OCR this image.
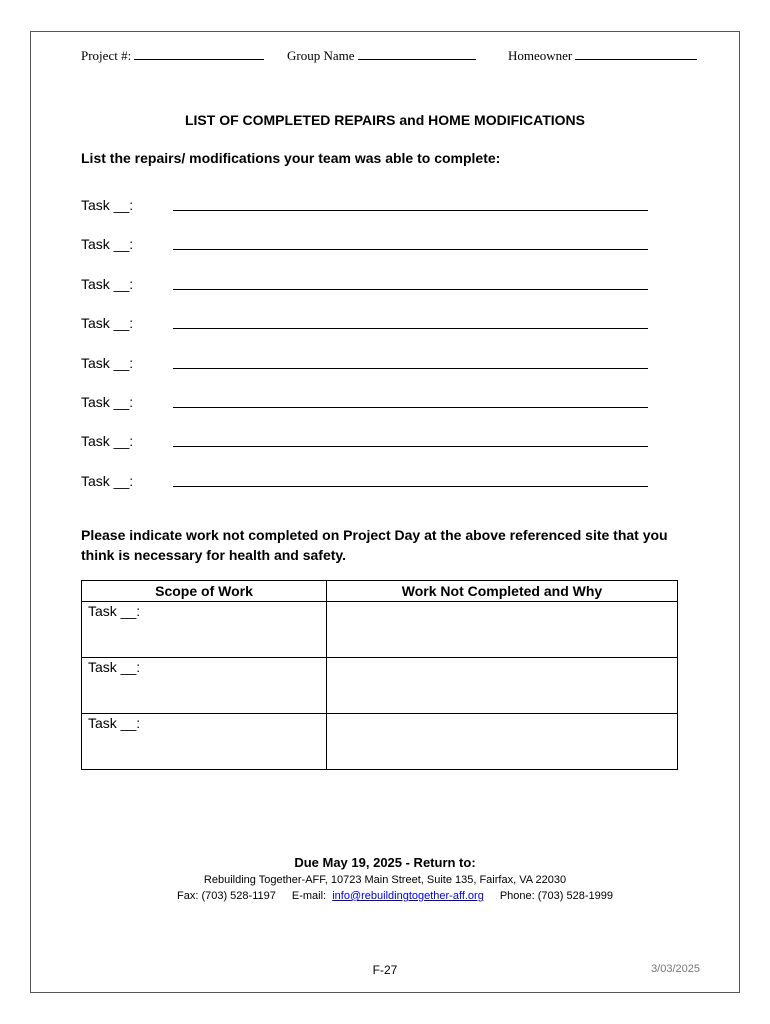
Project #:	Group Name	Homeowner
LIST OF COMPLETED REPAIRS and HOME MODIFICATIONS
List the repairs/ modifications your team was able to complete:
Task __:
Task __:
Task __:
Task __:
Task __:
Task __:
Task __:
Task __:
Please indicate work not completed on Project Day at the above referenced site that you think is necessary for health and safety.
Scope of Work	Work Not Completed and Why
Task __:	
Task __:	
Task __:	
Due May 19, 2025 - Return to:
Rebuilding Together-AFF, 10723 Main Street, Suite 135, Fairfax, VA 22030
Fax: (703) 528-1197 E-mail: info@rebuildingtogether-aff.org Phone: (703) 528-1999
F-27	3/03/2025
